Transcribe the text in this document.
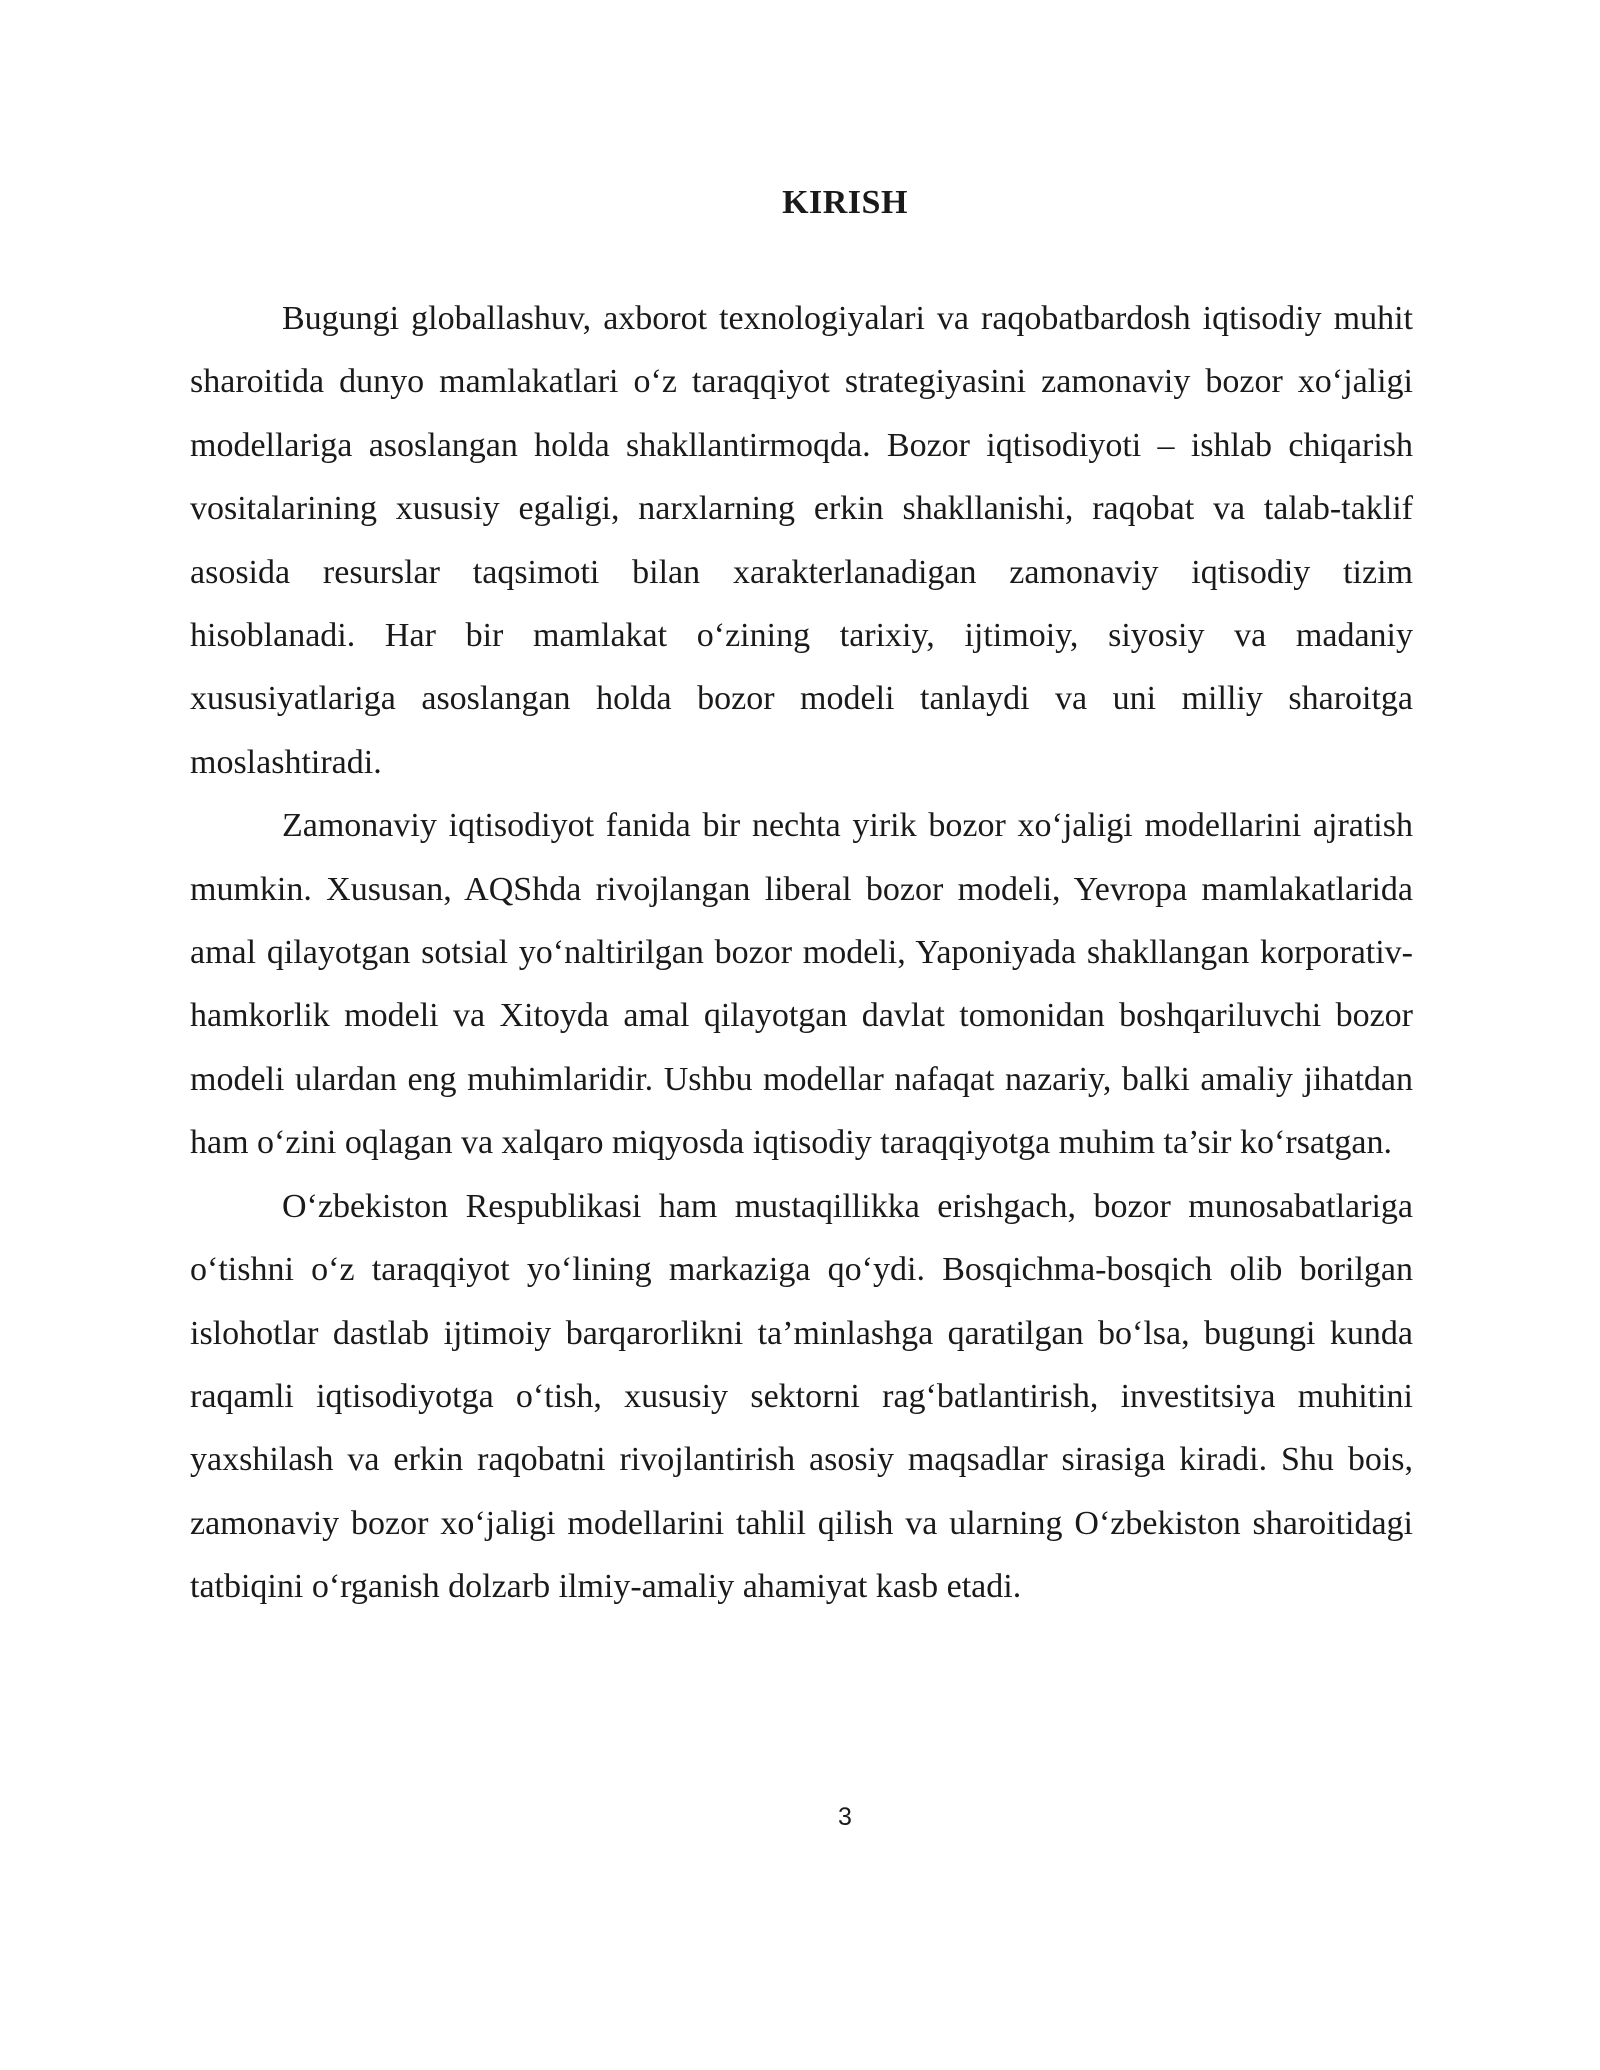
KIRISH

Bugungi globallashuv, axborot texnologiyalari va raqobatbardosh iqtisodiy muhit sharoitida dunyo mamlakatlari o‘z taraqqiyot strategiyasini zamonaviy bozor xo‘jaligi modellariga asoslangan holda shakllantirmoqda. Bozor iqtisodiyoti – ishlab chiqarish vositalarining xususiy egaligi, narxlarning erkin shakllanishi, raqobat va talab-taklif asosida resurslar taqsimoti bilan xarakterlanadigan zamonaviy iqtisodiy tizim hisoblanadi. Har bir mamlakat o‘zining tarixiy, ijtimoiy, siyosiy va madaniy xususiyatlariga asoslangan holda bozor modeli tanlaydi va uni milliy sharoitga moslashtiradi.

Zamonaviy iqtisodiyot fanida bir nechta yirik bozor xo‘jaligi modellarini ajratish mumkin. Xususan, AQShda rivojlangan liberal bozor modeli, Yevropa mamlakatlarida amal qilayotgan sotsial yo‘naltirilgan bozor modeli, Yaponiyada shakllangan korporativ-hamkorlik modeli va Xitoyda amal qilayotgan davlat tomonidan boshqariluvchi bozor modeli ulardan eng muhimlaridir. Ushbu modellar nafaqat nazariy, balki amaliy jihatdan ham o‘zini oqlagan va xalqaro miqyosda iqtisodiy taraqqiyotga muhim ta’sir ko‘rsatgan.

O‘zbekiston Respublikasi ham mustaqillikka erishgach, bozor munosabatlariga o‘tishni o‘z taraqqiyot yo‘lining markaziga qo‘ydi. Bosqichma-bosqich olib borilgan islohotlar dastlab ijtimoiy barqarorlikni ta’minlashga qaratilgan bo‘lsa, bugungi kunda raqamli iqtisodiyotga o‘tish, xususiy sektorni rag‘batlantirish, investitsiya muhitini yaxshilash va erkin raqobatni rivojlantirish asosiy maqsadlar sirasiga kiradi. Shu bois, zamonaviy bozor xo‘jaligi modellarini tahlil qilish va ularning O‘zbekiston sharoitidagi tatbiqini o‘rganish dolzarb ilmiy-amaliy ahamiyat kasb etadi.

3
